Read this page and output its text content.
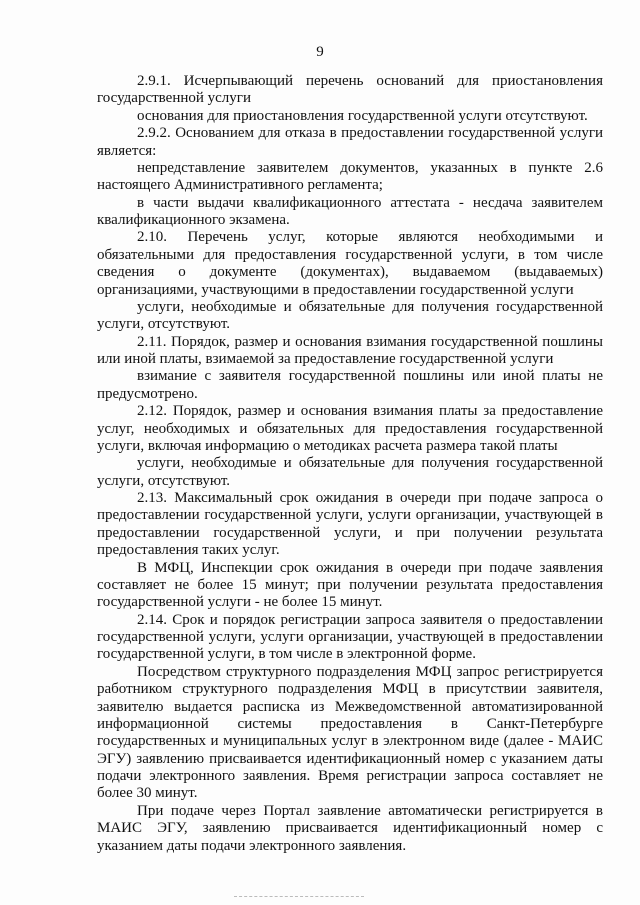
9

2.9.1. Исчерпывающий перечень оснований для приостановления государственной услуги

основания для приостановления государственной услуги отсутствуют.

2.9.2. Основанием для отказа в предоставлении государственной услуги является:

непредставление заявителем документов, указанных в пункте 2.6 настоящего Административного регламента;

в части выдачи квалификационного аттестата - несдача заявителем квалификационного экзамена.

2.10. Перечень услуг, которые являются необходимыми и обязательными для предоставления государственной услуги, в том числе сведения о документе (документах), выдаваемом (выдаваемых) организациями, участвующими в предоставлении государственной услуги

услуги, необходимые и обязательные для получения государственной услуги, отсутствуют.

2.11. Порядок, размер и основания взимания государственной пошлины или иной платы, взимаемой за предоставление государственной услуги

взимание с заявителя государственной пошлины или иной платы не предусмотрено.

2.12. Порядок, размер и основания взимания платы за предоставление услуг, необходимых и обязательных для предоставления государственной услуги, включая информацию о методиках расчета размера такой платы

услуги, необходимые и обязательные для получения государственной услуги, отсутствуют.

2.13. Максимальный срок ожидания в очереди при подаче запроса о предоставлении государственной услуги, услуги организации, участвующей в предоставлении государственной услуги, и при получении результата предоставления таких услуг.

В МФЦ, Инспекции срок ожидания в очереди при подаче заявления составляет не более 15 минут; при получении результата предоставления государственной услуги - не более 15 минут.

2.14. Срок и порядок регистрации запроса заявителя о предоставлении государственной услуги, услуги организации, участвующей в предоставлении государственной услуги, в том числе в электронной форме.

Посредством структурного подразделения МФЦ запрос регистрируется работником структурного подразделения МФЦ в присутствии заявителя, заявителю выдается расписка из Межведомственной автоматизированной информационной системы предоставления в Санкт-Петербурге государственных и муниципальных услуг в электронном виде (далее - МАИС ЭГУ) заявлению присваивается идентификационный номер с указанием даты подачи электронного заявления. Время регистрации запроса составляет не более 30 минут.

При подаче через Портал заявление автоматически регистрируется в МАИС ЭГУ, заявлению присваивается идентификационный номер с указанием даты подачи электронного заявления.
